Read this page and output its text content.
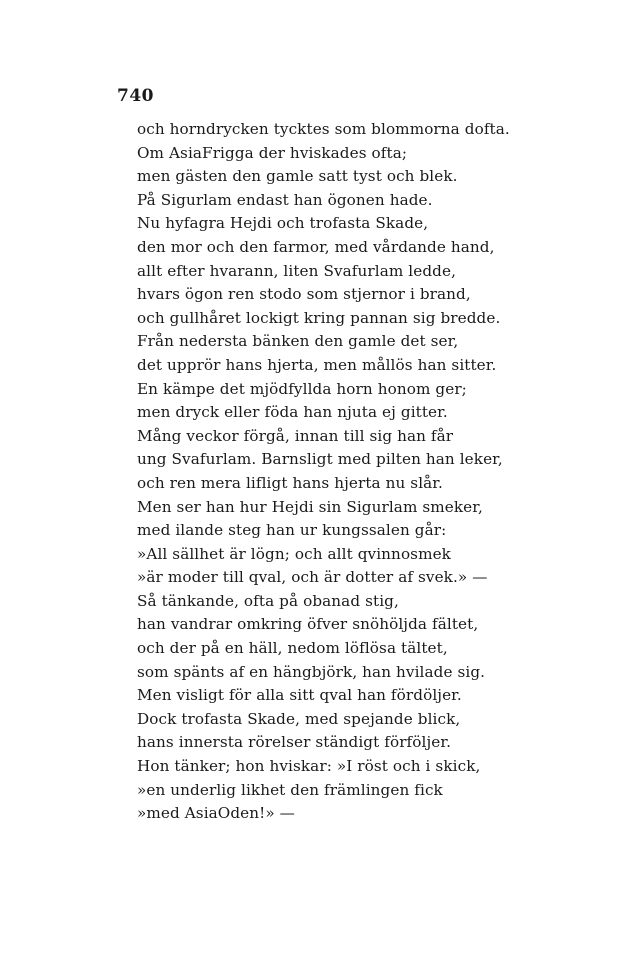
740
och horndrycken tycktes som blommorna dofta.
Om AsiaFrigga der hviskades ofta;
men gästen den gamle satt tyst och blek.
På Sigurlam endast han ögonen hade.
Nu hyfagra Hejdi och trofasta Skade,
den mor och den farmor, med vårdande hand,
allt efter hvarann, liten Svafurlam ledde,
hvars ögon ren stodo som stjernor i brand,
och gullhåret lockigt kring pannan sig bredde.
Från nedersta bänken den gamle det ser,
det upprör hans hjerta, men mållös han sitter.
En kämpe det mjödfyllda horn honom ger;
men dryck eller föda han njuta ej gitter.
Mång veckor förgå, innan till sig han får
ung Svafurlam. Barnsligt med pilten han leker,
och ren mera lifligt hans hjerta nu slår.
Men ser han hur Hejdi sin Sigurlam smeker,
med ilande steg han ur kungssalen går:
»All sällhet är lögn; och allt qvinnosmek
»är moder till qval, och är dotter af svek.» —
Så tänkande, ofta på obanad stig,
han vandrar omkring öfver snöhöljda fältet,
och der på en häll, nedom löflösa tältet,
som spänts af en hängbjörk, han hvilade sig.
Men visligt för alla sitt qval han fördöljer.
Dock trofasta Skade, med spejande blick,
hans innersta rörelser ständigt förföljer.
Hon tänker; hon hviskar: »I röst och i skick,
»en underlig likhet den främlingen fick
»med AsiaOden!» —
